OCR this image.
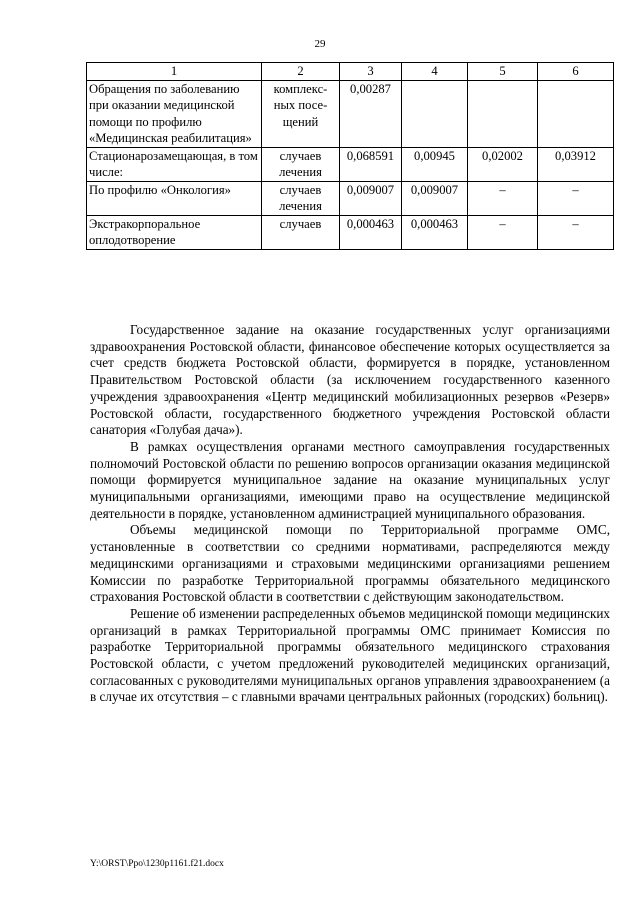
29
1	2	3	4	5	6
Обращения по заболеванию при оказании медицинской помощи по профилю «Медицинская реабилитация»	комплекс- ных посе- щений	0,00287			
Стационарозамещающая, в том числе:	случаев лечения	0,068591	0,00945	0,02002	0,03912
По профилю «Онкология»	случаев лечения	0,009007	0,009007	–	–
Экстракорпоральное оплодотворение	случаев	0,000463	0,000463	–	–

Государственное задание на оказание государственных услуг организациями здравоохранения Ростовской области, финансовое обеспечение которых осуществляется за счет средств бюджета Ростовской области, формируется в порядке, установленном Правительством Ростовской области (за исключением государственного казенного учреждения здравоохранения «Центр медицинский мобилизационных резервов «Резерв» Ростовской области, государственного бюджетного учреждения Ростовской области санатория «Голубая дача»).

В рамках осуществления органами местного самоуправления государственных полномочий Ростовской области по решению вопросов организации оказания медицинской помощи формируется муниципальное задание на оказание муниципальных услуг муниципальными организациями, имеющими право на осуществление медицинской деятельности в порядке, установленном администрацией муниципального образования.

Объемы медицинской помощи по Территориальной программе ОМС, установленные в соответствии со средними нормативами, распределяются между медицинскими организациями и страховыми медицинскими организациями решением Комиссии по разработке Территориальной программы обязательного медицинского страхования Ростовской области в соответствии с действующим законодательством.

Решение об изменении распределенных объемов медицинской помощи медицинских организаций в рамках Территориальной программы ОМС принимает Комиссия по разработке Территориальной программы обязательного медицинского страхования Ростовской области, с учетом предложений руководителей медицинских организаций, согласованных с руководителями муниципальных органов управления здравоохранением (а в случае их отсутствия – с главными врачами центральных районных (городских) больниц).

Y:\ORST\Ppo\1230p1161.f21.docx
